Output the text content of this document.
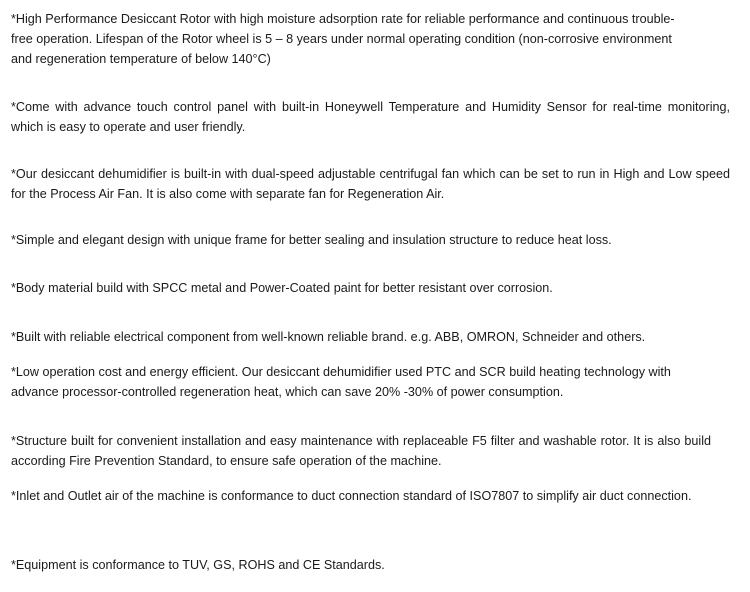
*High Performance Desiccant Rotor with high moisture adsorption rate for reliable performance and continuous trouble-free operation. Lifespan of the Rotor wheel is 5 – 8 years under normal operating condition (non-corrosive environment and regeneration temperature of below 140°C)

*Come with advance touch control panel with built-in Honeywell Temperature and Humidity Sensor for real-time monitoring, which is easy to operate and user friendly.

*Our desiccant dehumidifier is built-in with dual-speed adjustable centrifugal fan which can be set to run in High and Low speed for the Process Air Fan. It is also come with separate fan for Regeneration Air.

*Simple and elegant design with unique frame for better sealing and insulation structure to reduce heat loss.

*Body material build with SPCC metal and Power-Coated paint for better resistant over corrosion.

*Built with reliable electrical component from well-known reliable brand. e.g. ABB, OMRON, Schneider and others.

*Low operation cost and energy efficient. Our desiccant dehumidifier used PTC and SCR build heating technology with advance processor-controlled regeneration heat, which can save 20% -30% of power consumption.

*Structure built for convenient installation and easy maintenance with replaceable F5 filter and washable rotor. It is also build according Fire Prevention Standard, to ensure safe operation of the machine.

*Inlet and Outlet air of the machine is conformance to duct connection standard of ISO7807 to simplify air duct connection.

*Equipment is conformance to TUV, GS, ROHS and CE Standards.
